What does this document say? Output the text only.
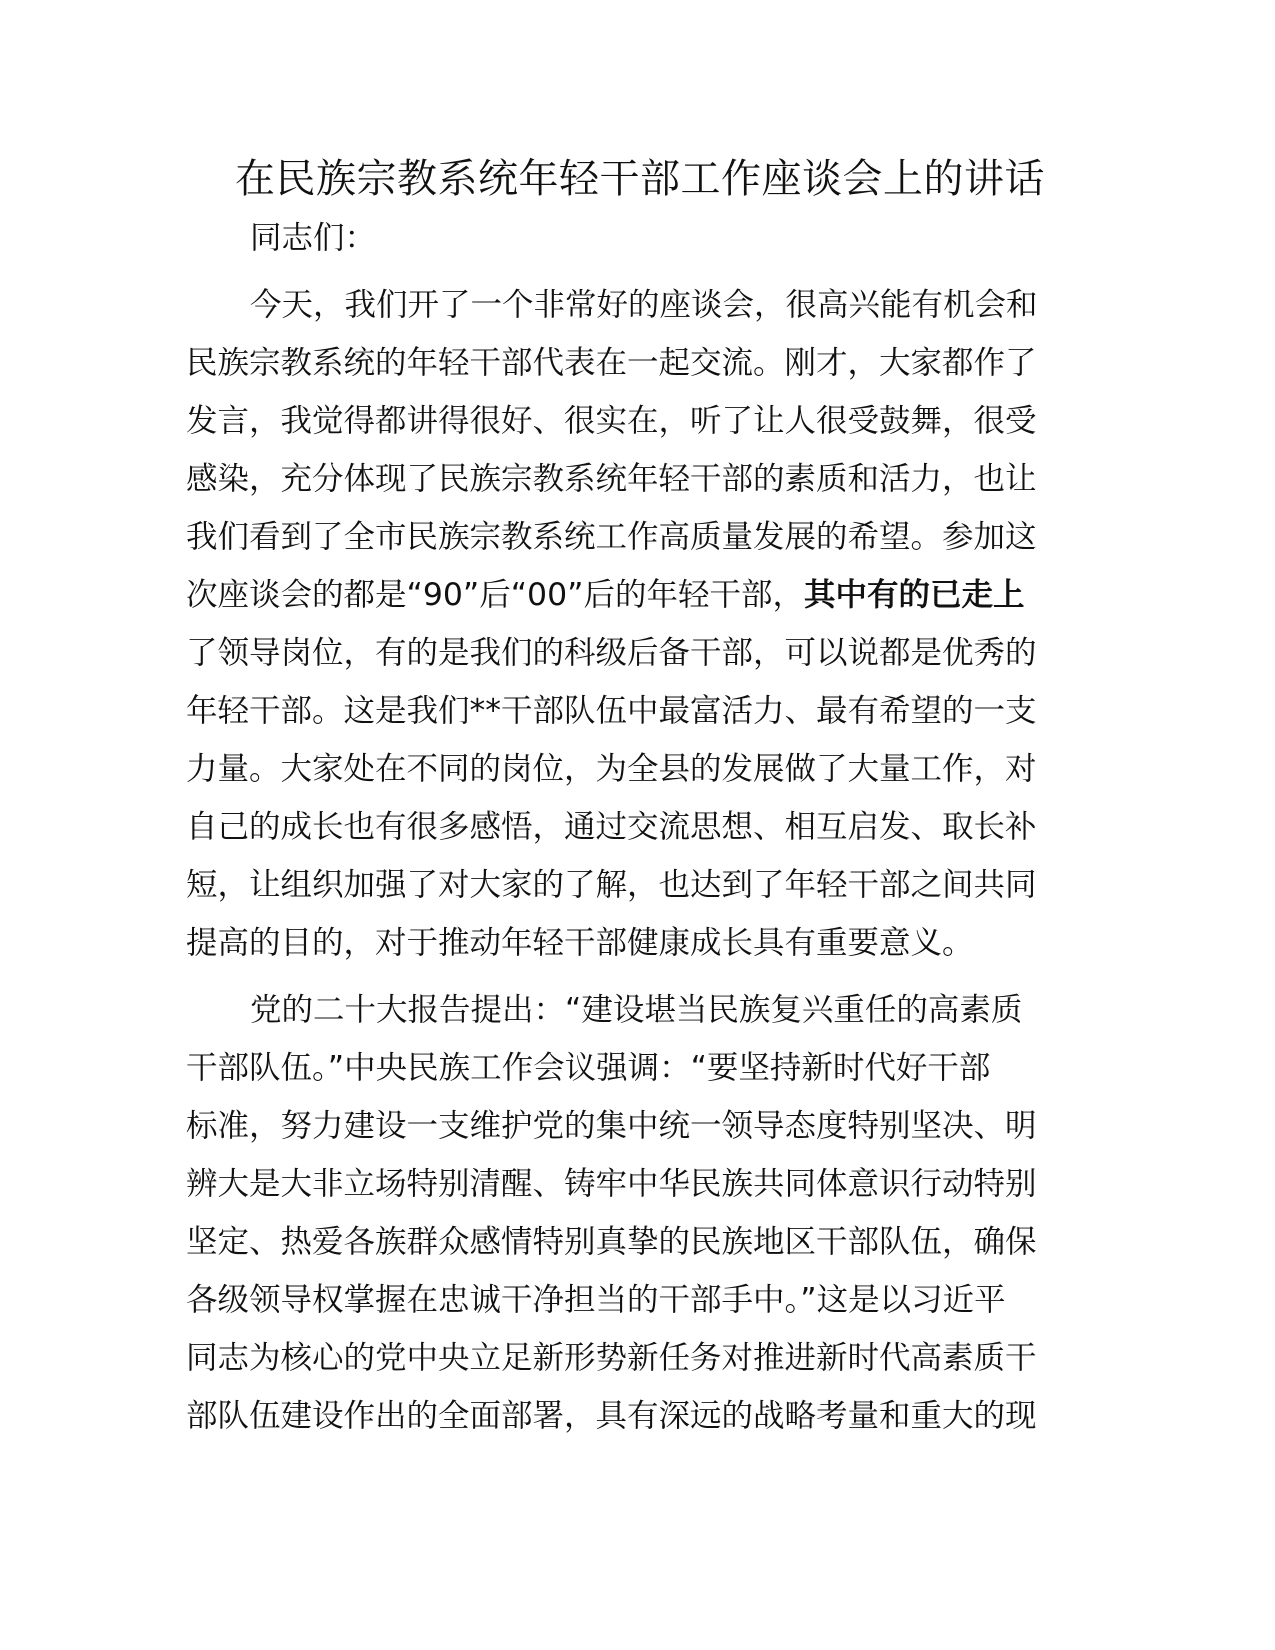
在民族宗教系统年轻干部工作座谈会上的讲话
同志们：
今天，我们开了一个非常好的座谈会，很高兴能有机会和
民族宗教系统的年轻干部代表在一起交流。刚才，大家都作了
发言，我觉得都讲得很好、很实在，听了让人很受鼓舞，很受
感染，充分体现了民族宗教系统年轻干部的素质和活力，也让
我们看到了全市民族宗教系统工作高质量发展的希望。参加这
次座谈会的都是“90”后“00”后的年轻干部，其中有的已走上
了领导岗位，有的是我们的科级后备干部，可以说都是优秀的
年轻干部。这是我们**干部队伍中最富活力、最有希望的一支
力量。大家处在不同的岗位，为全县的发展做了大量工作，对
自己的成长也有很多感悟，通过交流思想、相互启发、取长补
短，让组织加强了对大家的了解，也达到了年轻干部之间共同
提高的目的，对于推动年轻干部健康成长具有重要意义。
党的二十大报告提出：“建设堪当民族复兴重任的高素质
干部队伍。”中央民族工作会议强调：“要坚持新时代好干部
标准，努力建设一支维护党的集中统一领导态度特别坚决、明
辨大是大非立场特别清醒、铸牢中华民族共同体意识行动特别
坚定、热爱各族群众感情特别真挚的民族地区干部队伍，确保
各级领导权掌握在忠诚干净担当的干部手中。”这是以习近平
同志为核心的党中央立足新形势新任务对推进新时代高素质干
部队伍建设作出的全面部署，具有深远的战略考量和重大的现
